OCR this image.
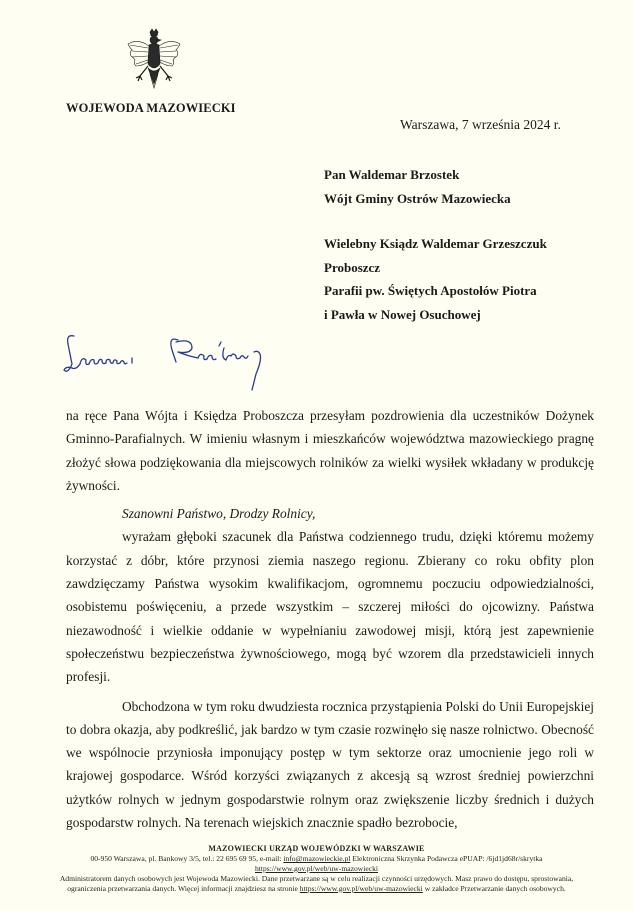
WOJEWODA MAZOWIECKI
Warszawa, 7 września 2024 r.
Pan Waldemar Brzostek
Wójt Gminy Ostrów Mazowiecka
Wielebny Ksiądz Waldemar Grzeszczuk
Proboszcz
Parafii pw. Świętych Apostołów Piotra
i Pawła w Nowej Osuchowej

na ręce Pana Wójta i Księdza Proboszcza przesyłam pozdrowienia dla uczestników Dożynek Gminno-Parafialnych. W imieniu własnym i mieszkańców województwa mazowieckiego pragnę złożyć słowa podziękowania dla miejscowych rolników za wielki wysiłek wkładany w produkcję żywności.

Szanowni Państwo, Drodzy Rolnicy,

wyrażam głęboki szacunek dla Państwa codziennego trudu, dzięki któremu możemy korzystać z dóbr, które przynosi ziemia naszego regionu. Zbierany co roku obfity plon zawdzięczamy Państwa wysokim kwalifikacjom, ogromnemu poczuciu odpowiedzialności, osobistemu poświęceniu, a przede wszystkim – szczerej miłości do ojcowizny. Państwa niezawodność i wielkie oddanie w wypełnianiu zawodowej misji, którą jest zapewnienie społeczeństwu bezpieczeństwa żywnościowego, mogą być wzorem dla przedstawicieli innych profesji.

Obchodzona w tym roku dwudziesta rocznica przystąpienia Polski do Unii Europejskiej to dobra okazja, aby podkreślić, jak bardzo w tym czasie rozwinęło się nasze rolnictwo. Obecność we wspólnocie przyniosła imponujący postęp w tym sektorze oraz umocnienie jego roli w krajowej gospodarce. Wśród korzyści związanych z akcesją są wzrost średniej powierzchni użytków rolnych w jednym gospodarstwie rolnym oraz zwiększenie liczby średnich i dużych gospodarstw rolnych. Na terenach wiejskich znacznie spadło bezrobocie,

MAZOWIECKI URZĄD WOJEWÓDZKI W WARSZAWIE
00-950 Warszawa, pl. Bankowy 3/5, tel.: 22 695 69 95, e-mail: info@mazowieckie.pl Elektroniczna Skrzynka Podawcza ePUAP: /6jd1jd68r/skrytka
https://www.gov.pl/web/uw-mazowiecki
Administratorem danych osobowych jest Wojewoda Mazowiecki. Dane przetwarzane są w celu realizacji czynności urzędowych. Masz prawo do dostępu, sprostowania, ograniczenia przetwarzania danych. Więcej informacji znajdziesz na stronie https://www.gov.pl/web/uw-mazowiecki w zakładce Przetwarzanie danych osobowych.
